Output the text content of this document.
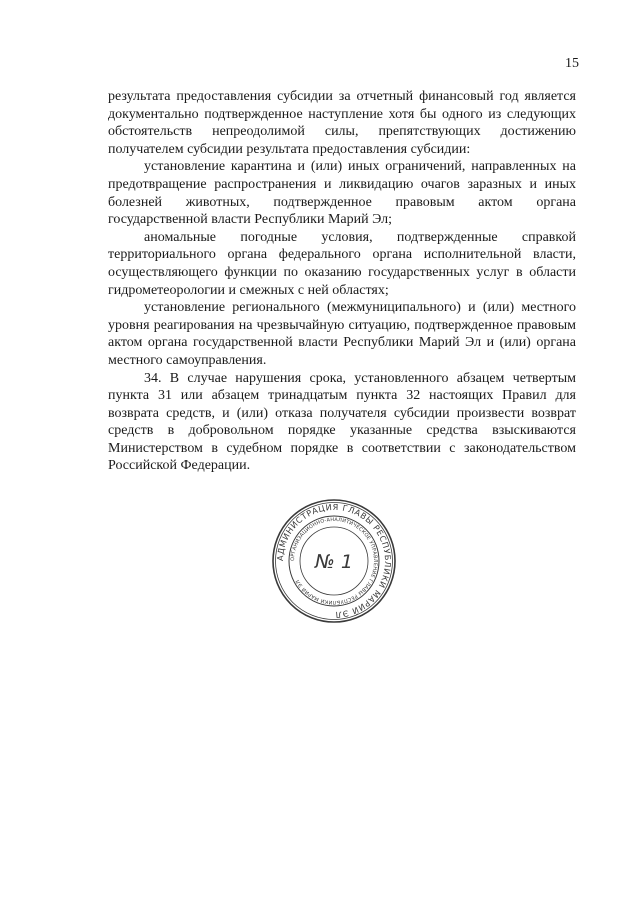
15

результата предоставления субсидии за отчетный финансовый год является документально подтвержденное наступление хотя бы одного из следующих обстоятельств непреодолимой силы, препятствующих достижению получателем субсидии результата предоставления субсидии:

установление карантина и (или) иных ограничений, направленных на предотвращение распространения и ликвидацию очагов заразных и иных болезней животных, подтвержденное правовым актом органа государственной власти Республики Марий Эл;

аномальные погодные условия, подтвержденные справкой территориального органа федерального органа исполнительной власти, осуществляющего функции по оказанию государственных услуг в области гидрометеорологии и смежных с ней областях;

установление регионального (межмуниципального) и (или) местного уровня реагирования на чрезвычайную ситуацию, подтвержденное правовым актом органа государственной власти Республики Марий Эл и (или) органа местного самоуправления.

34. В случае нарушения срока, установленного абзацем четвертым пункта 31 или абзацем тринадцатым пункта 32 настоящих Правил для возврата средств, и (или) отказа получателя субсидии произвести возврат средств в добровольном порядке указанные средства взыскиваются Министерством в судебном порядке в соответствии с законодательством Российской Федерации.

АДМИНИСТРАЦИЯ ГЛАВЫ РЕСПУБЛИКИ МАРИЙ ЭЛ
ОРГАНИЗАЦИОННО-АНАЛИТИЧЕСКОЕ УПРАВЛЕНИЕ ГЛАВЫ РЕСПУБЛИКИ МАРИЙ ЭЛ
№ 1
